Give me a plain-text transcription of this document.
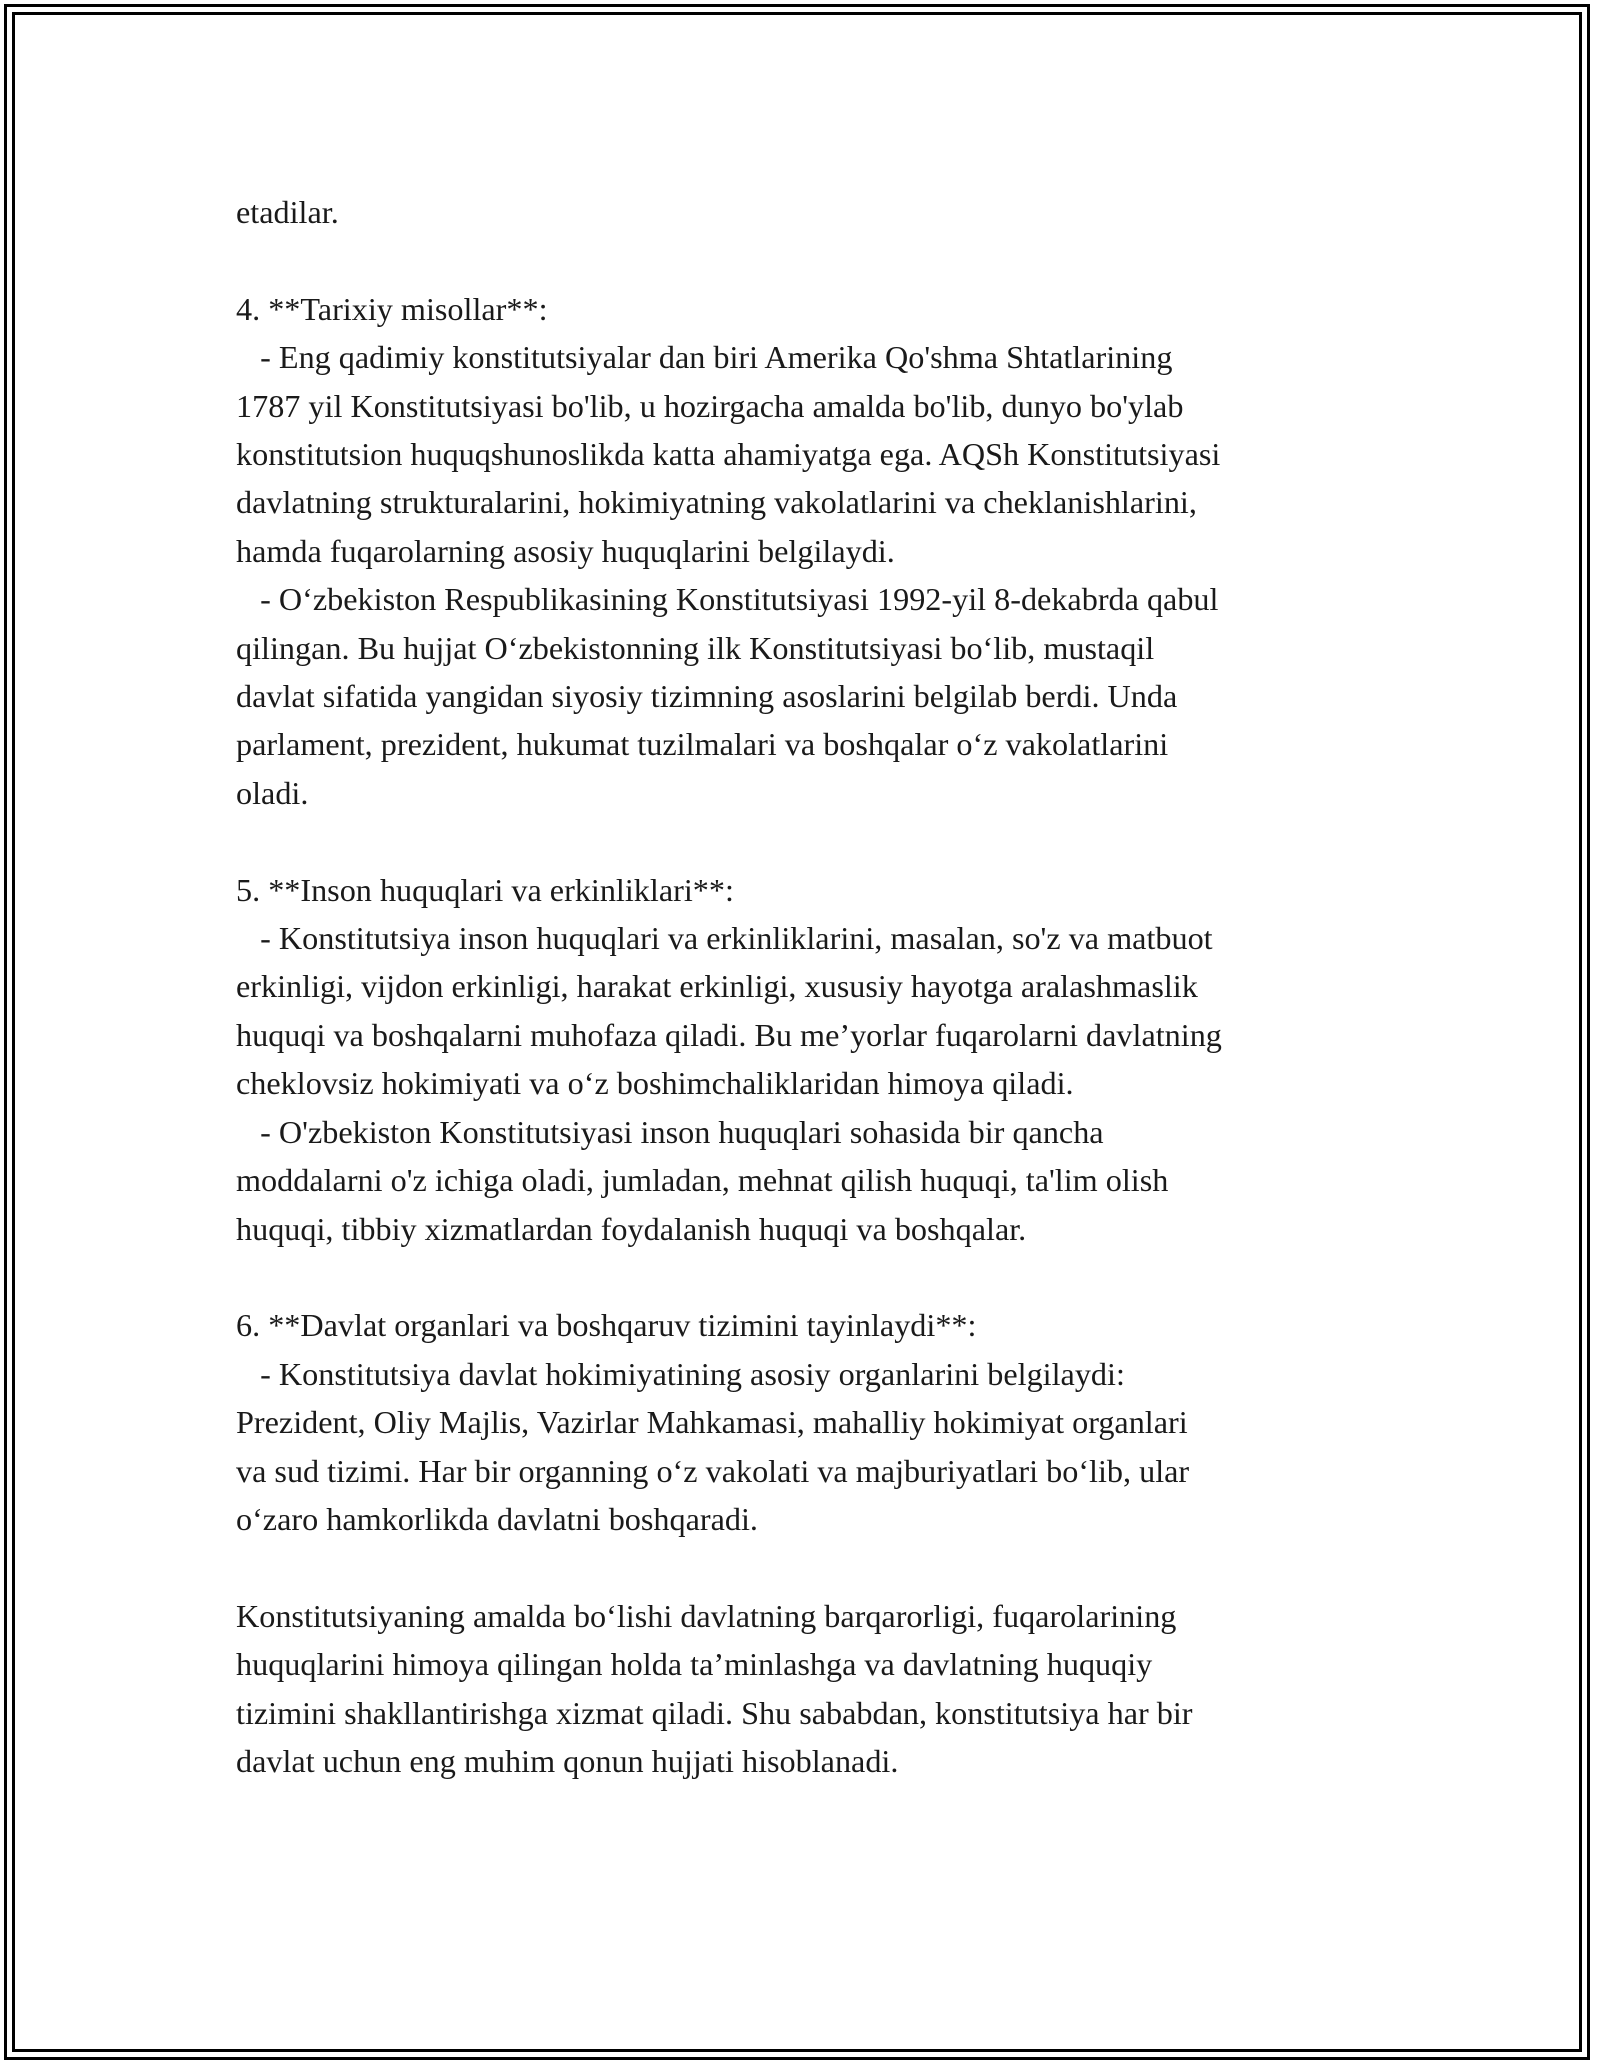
etadilar.
4. **Tarixiy misollar**:
- Eng qadimiy konstitutsiyalar dan biri Amerika Qo'shma Shtatlarining
1787 yil Konstitutsiyasi bo'lib, u hozirgacha amalda bo'lib, dunyo bo'ylab
konstitutsion huquqshunoslikda katta ahamiyatga ega. AQSh Konstitutsiyasi
davlatning strukturalarini, hokimiyatning vakolatlarini va cheklanishlarini,
hamda fuqarolarning asosiy huquqlarini belgilaydi.
- Oʻzbekiston Respublikasining Konstitutsiyasi 1992-yil 8-dekabrda qabul
qilingan. Bu hujjat Oʻzbekistonning ilk Konstitutsiyasi boʻlib, mustaqil
davlat sifatida yangidan siyosiy tizimning asoslarini belgilab berdi. Unda
parlament, prezident, hukumat tuzilmalari va boshqalar oʻz vakolatlarini
oladi.
5. **Inson huquqlari va erkinliklari**:
- Konstitutsiya inson huquqlari va erkinliklarini, masalan, so'z va matbuot
erkinligi, vijdon erkinligi, harakat erkinligi, xususiy hayotga aralashmaslik
huquqi va boshqalarni muhofaza qiladi. Bu me’yorlar fuqarolarni davlatning
cheklovsiz hokimiyati va oʻz boshimchaliklaridan himoya qiladi.
- O'zbekiston Konstitutsiyasi inson huquqlari sohasida bir qancha
moddalarni o'z ichiga oladi, jumladan, mehnat qilish huquqi, ta'lim olish
huquqi, tibbiy xizmatlardan foydalanish huquqi va boshqalar.
6. **Davlat organlari va boshqaruv tizimini tayinlaydi**:
- Konstitutsiya davlat hokimiyatining asosiy organlarini belgilaydi:
Prezident, Oliy Majlis, Vazirlar Mahkamasi, mahalliy hokimiyat organlari
va sud tizimi. Har bir organning oʻz vakolati va majburiyatlari boʻlib, ular
oʻzaro hamkorlikda davlatni boshqaradi.
Konstitutsiyaning amalda boʻlishi davlatning barqarorligi, fuqarolarining
huquqlarini himoya qilingan holda ta’minlashga va davlatning huquqiy
tizimini shakllantirishga xizmat qiladi. Shu sababdan, konstitutsiya har bir
davlat uchun eng muhim qonun hujjati hisoblanadi.
